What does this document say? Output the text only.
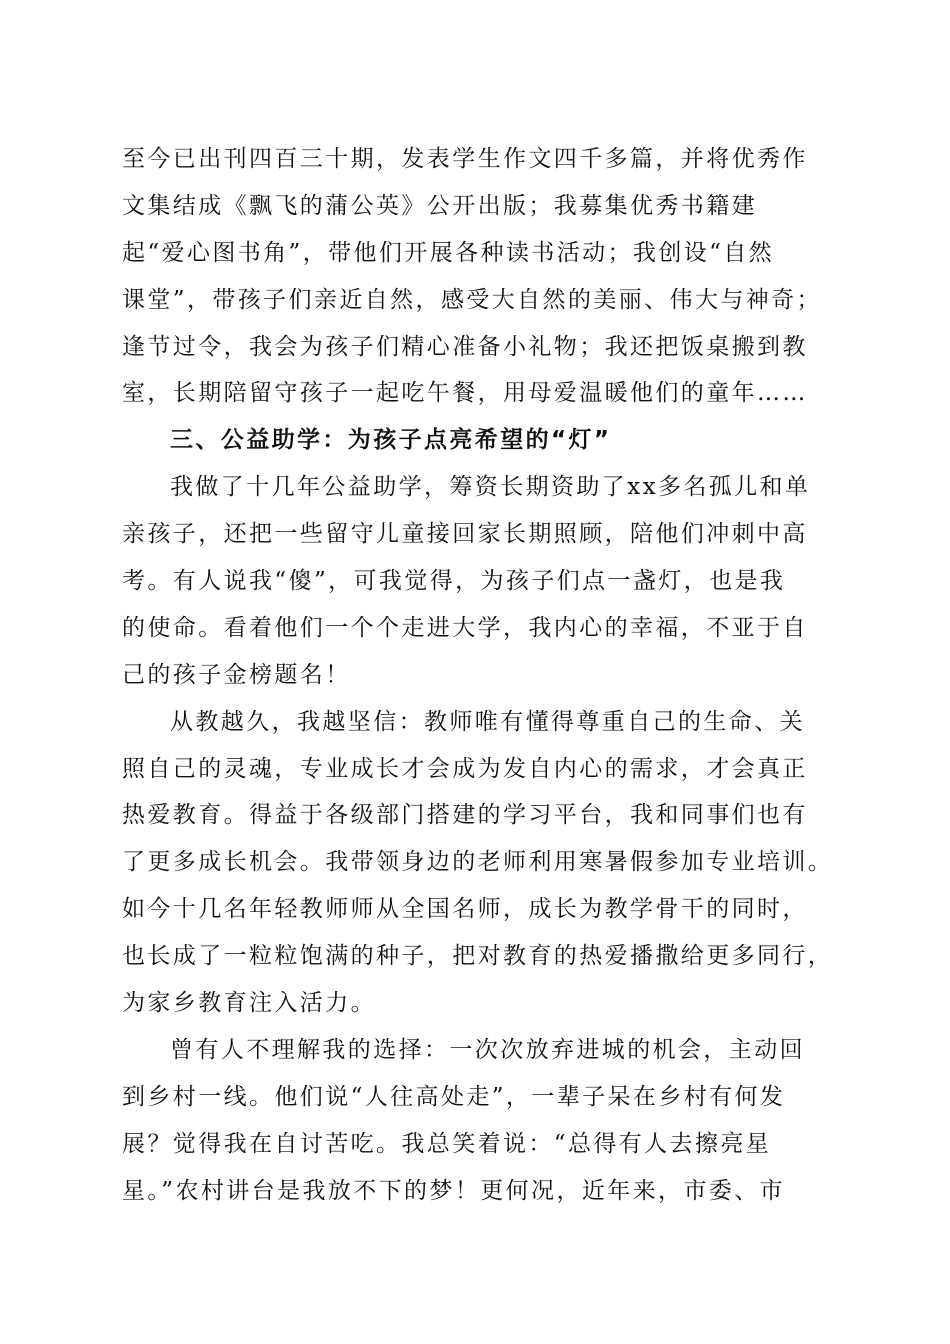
至今已出刊四百三十期，发表学生作文四千多篇，并将优秀作
文集结成《飘飞的蒲公英》公开出版；我募集优秀书籍建
起“爱心图书角”，带他们开展各种读书活动；我创设“自然
课堂”，带孩子们亲近自然，感受大自然的美丽、伟大与神奇；
逢节过令，我会为孩子们精心准备小礼物；我还把饭桌搬到教
室，长期陪留守孩子一起吃午餐，用母爱温暖他们的童年……
三、公益助学：为孩子点亮希望的“灯”
我做了十几年公益助学，筹资长期资助了xx多名孤儿和单
亲孩子，还把一些留守儿童接回家长期照顾，陪他们冲刺中高
考。有人说我“傻”，可我觉得，为孩子们点一盏灯，也是我
的使命。看着他们一个个走进大学，我内心的幸福，不亚于自
己的孩子金榜题名！
从教越久，我越坚信：教师唯有懂得尊重自己的生命、关
照自己的灵魂，专业成长才会成为发自内心的需求，才会真正
热爱教育。得益于各级部门搭建的学习平台，我和同事们也有
了更多成长机会。我带领身边的老师利用寒暑假参加专业培训。
如今十几名年轻教师师从全国名师，成长为教学骨干的同时，
也长成了一粒粒饱满的种子，把对教育的热爱播撒给更多同行，
为家乡教育注入活力。
曾有人不理解我的选择：一次次放弃进城的机会，主动回
到乡村一线。他们说“人往高处走”，一辈子呆在乡村有何发
展？觉得我在自讨苦吃。我总笑着说：“总得有人去擦亮星
星。”农村讲台是我放不下的梦！更何况，近年来，市委、市
